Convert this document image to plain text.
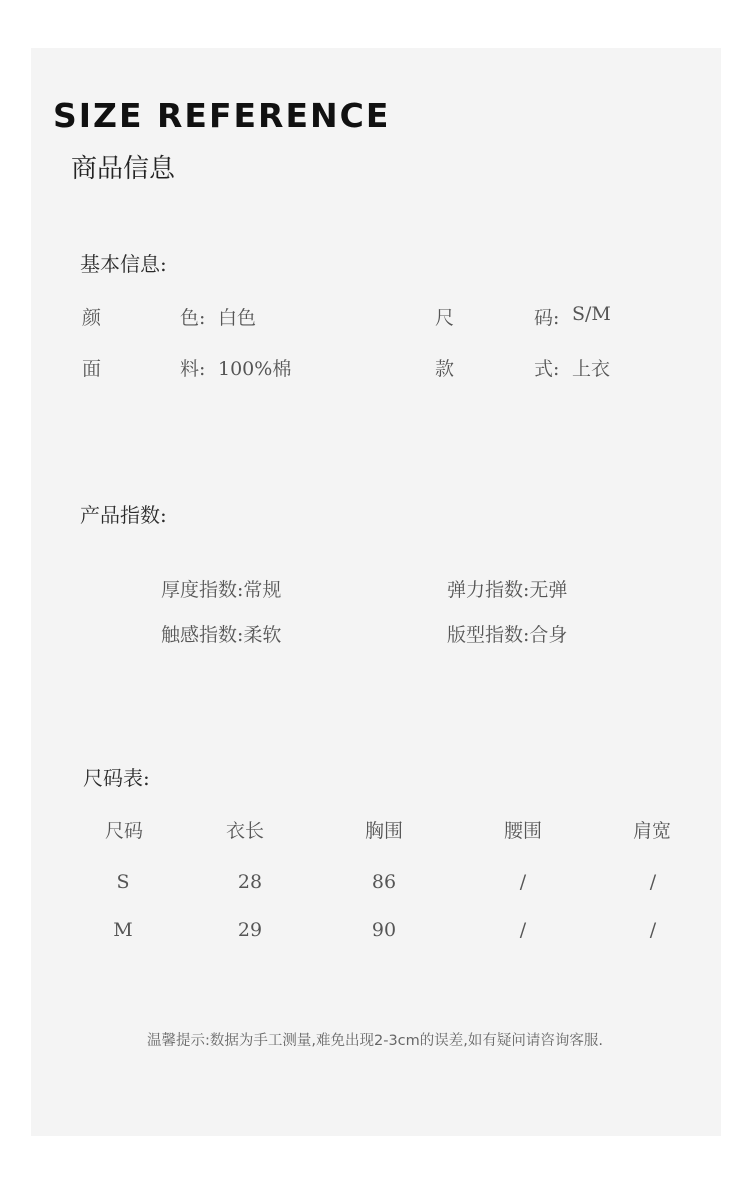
SIZE REFERENCE
商品信息
基本信息:
颜	色: 白色	尺	码: S/M
面	料: 100%棉	款	式: 上衣
产品指数:
厚度指数:常规	弹力指数:无弹
触感指数:柔软	版型指数:合身
尺码表:
尺码	衣长	胸围	腰围	肩宽
S	28	86	/	/
M	29	90	/	/
温馨提示:数据为手工测量,难免出现2-3cm的误差,如有疑问请咨询客服.
